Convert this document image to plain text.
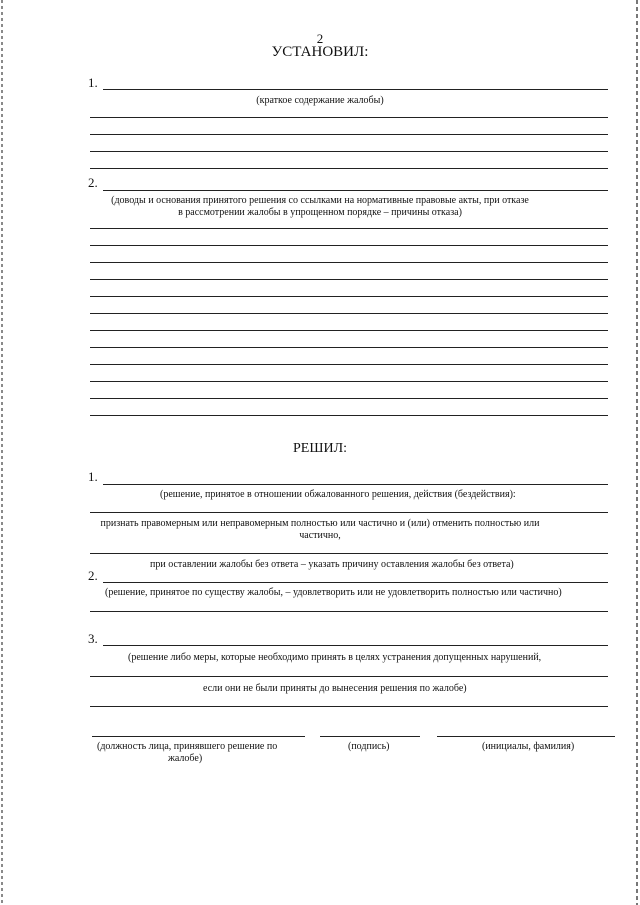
2
УСТАНОВИЛ:
1.
(краткое содержание жалобы)
2.
(доводы и основания принятого решения со ссылками на нормативные правовые акты, при отказе
в рассмотрении жалобы в упрощенном порядке – причины отказа)
РЕШИЛ:
1.
(решение, принятое в отношении обжалованного решения, действия (бездействия):
признать правомерным или неправомерным полностью или частично и (или) отменить полностью или
частично,
при оставлении жалобы без ответа – указать причину оставления жалобы без ответа)
2.
(решение, принятое по существу жалобы, – удовлетворить или не удовлетворить полностью или частично)
3.
(решение либо меры, которые необходимо принять в целях устранения допущенных нарушений,
если они не были приняты до вынесения решения по жалобе)
(должность лица, принявшего решение по
жалобе)
(подпись)	(инициалы, фамилия)
